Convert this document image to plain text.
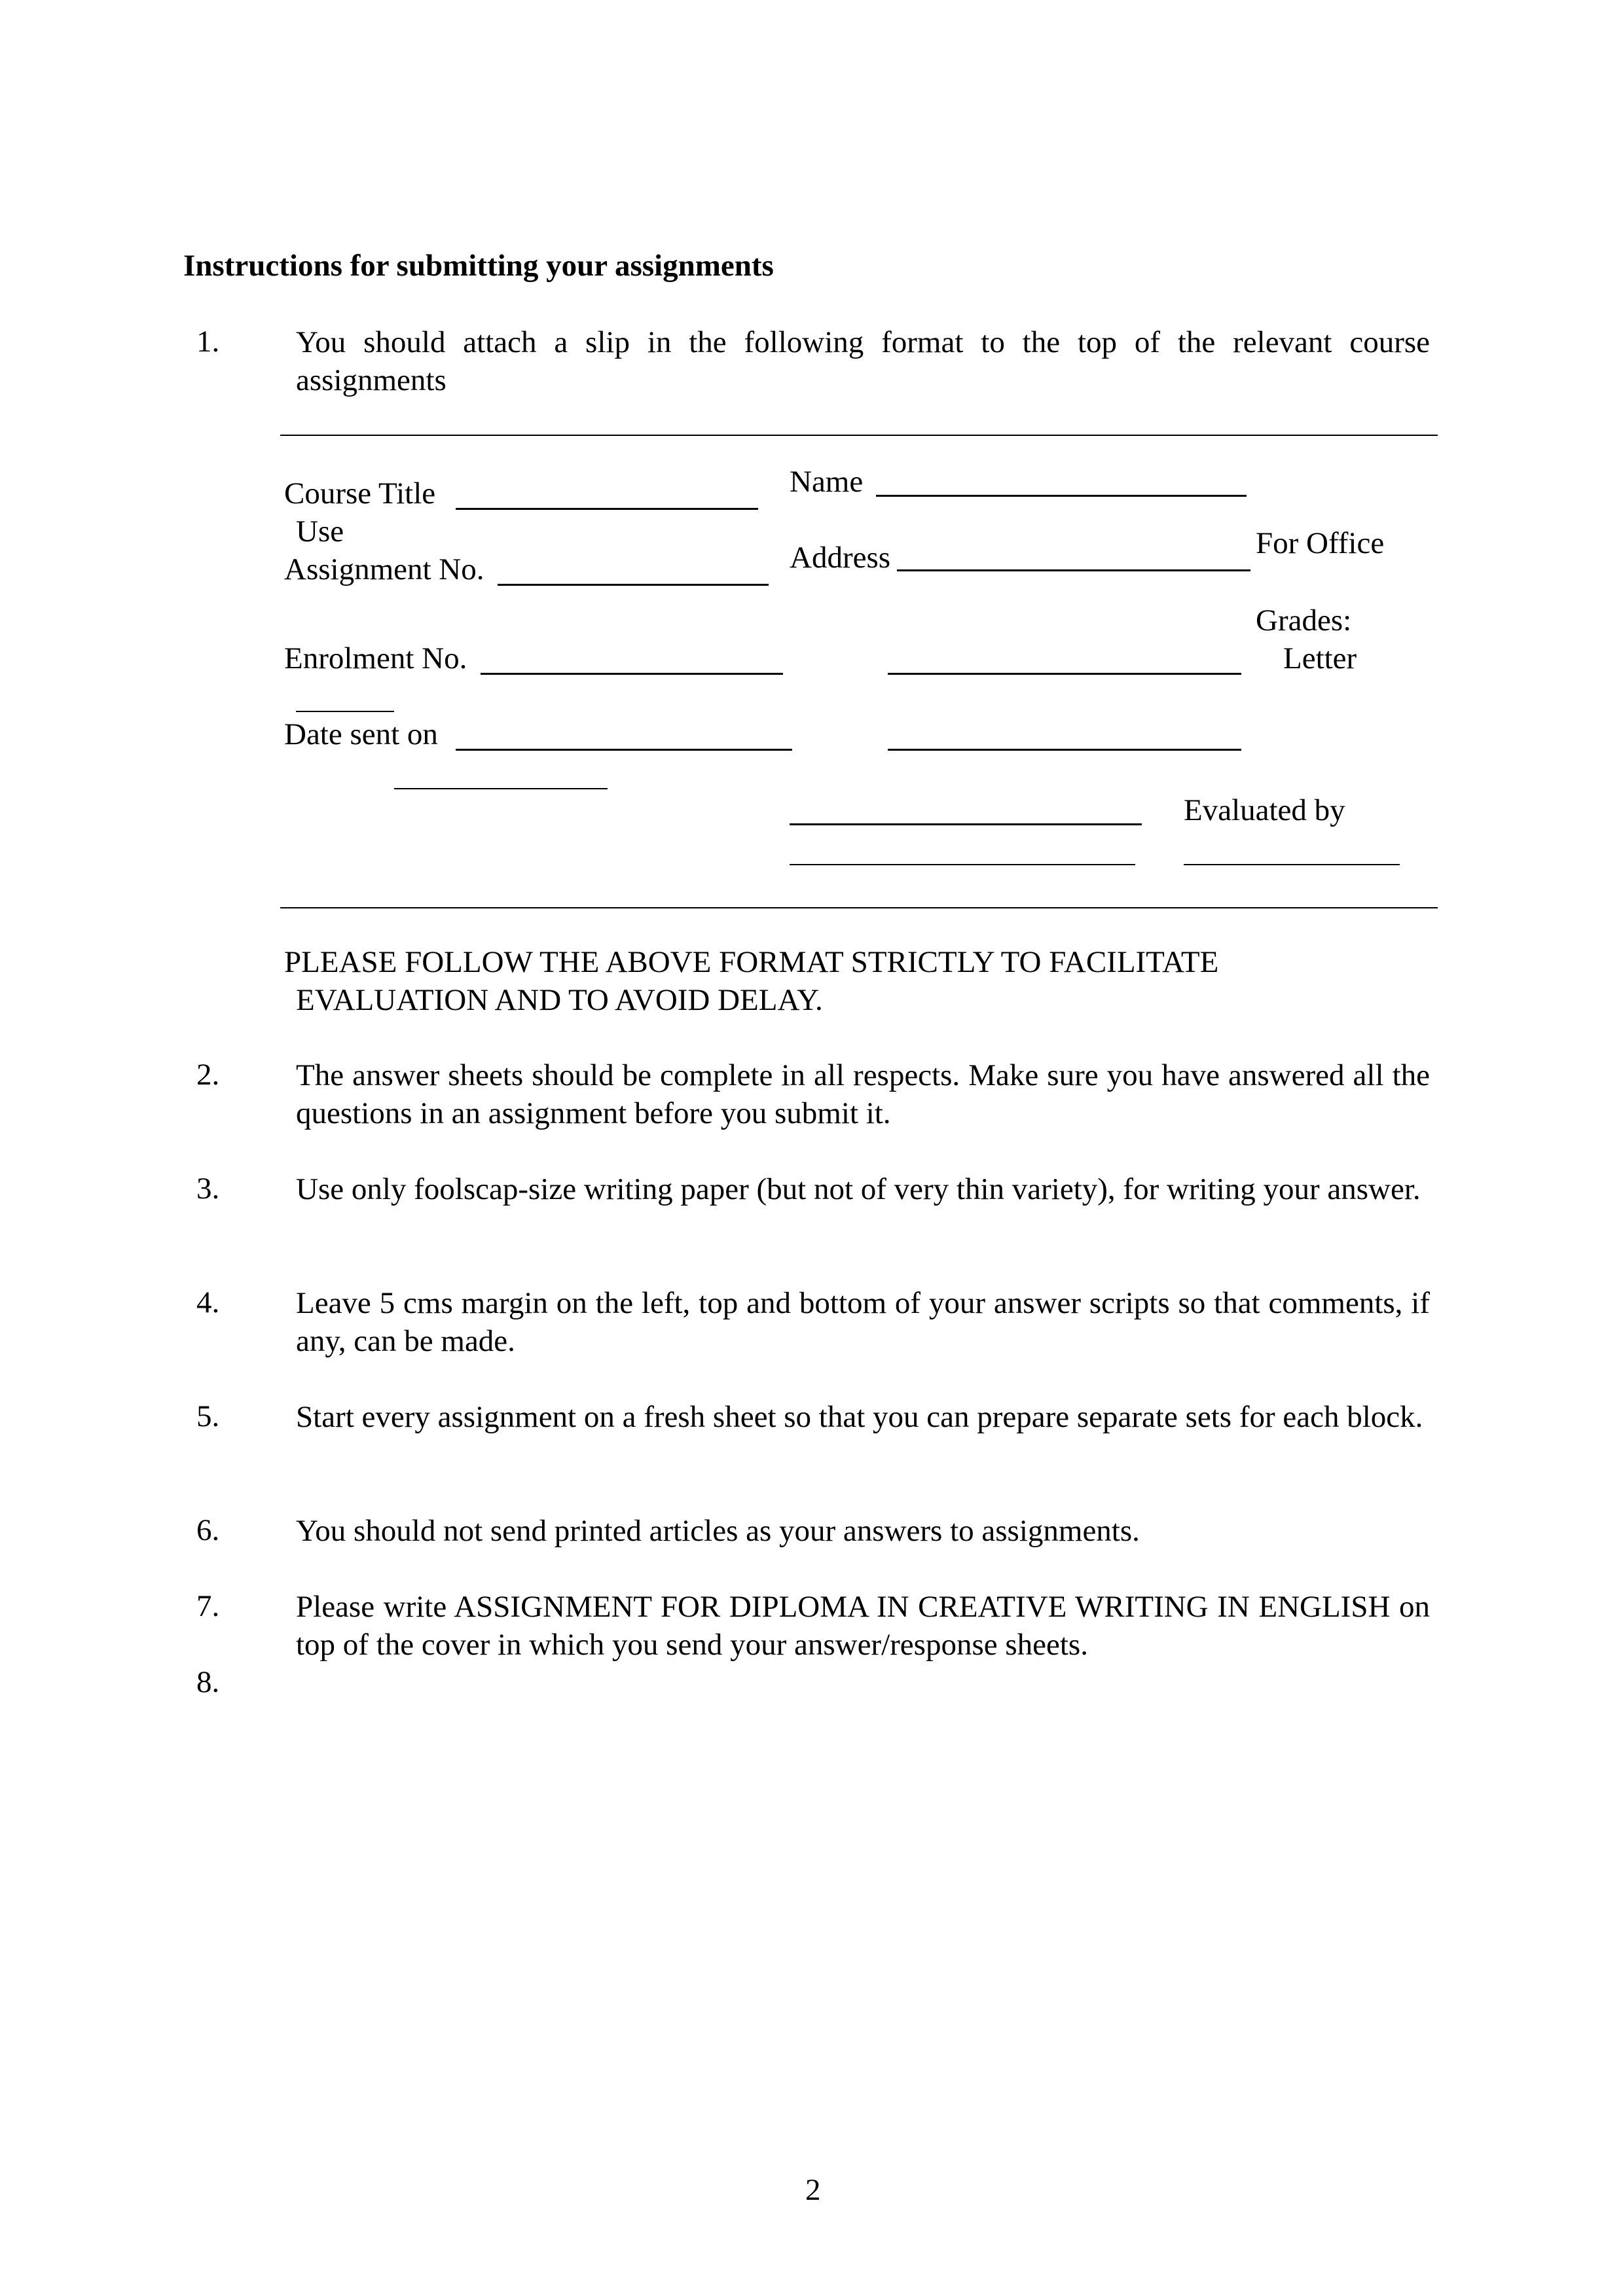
Instructions for submitting your assignments
1. You should attach a slip in the following format to the top of the relevant course assignments
Course Title
Use
Assignment No.
Enrolment No.
Date sent on
Name
Address	For Office
Grades:
Letter
Evaluated by
PLEASE FOLLOW THE ABOVE FORMAT STRICTLY TO FACILITATE
EVALUATION AND TO AVOID DELAY.
2. The answer sheets should be complete in all respects. Make sure you have answered all the questions in an assignment before you submit it.
3. Use only foolscap-size writing paper (but not of very thin variety), for writing your answer.
4. Leave 5 cms margin on the left, top and bottom of your answer scripts so that comments, if any, can be made.
5. Start every assignment on a fresh sheet so that you can prepare separate sets for each block.
6. You should not send printed articles as your answers to assignments.
7. Please write ASSIGNMENT FOR DIPLOMA IN CREATIVE WRITING IN ENGLISH on top of the cover in which you send your answer/response sheets.
8.
2
